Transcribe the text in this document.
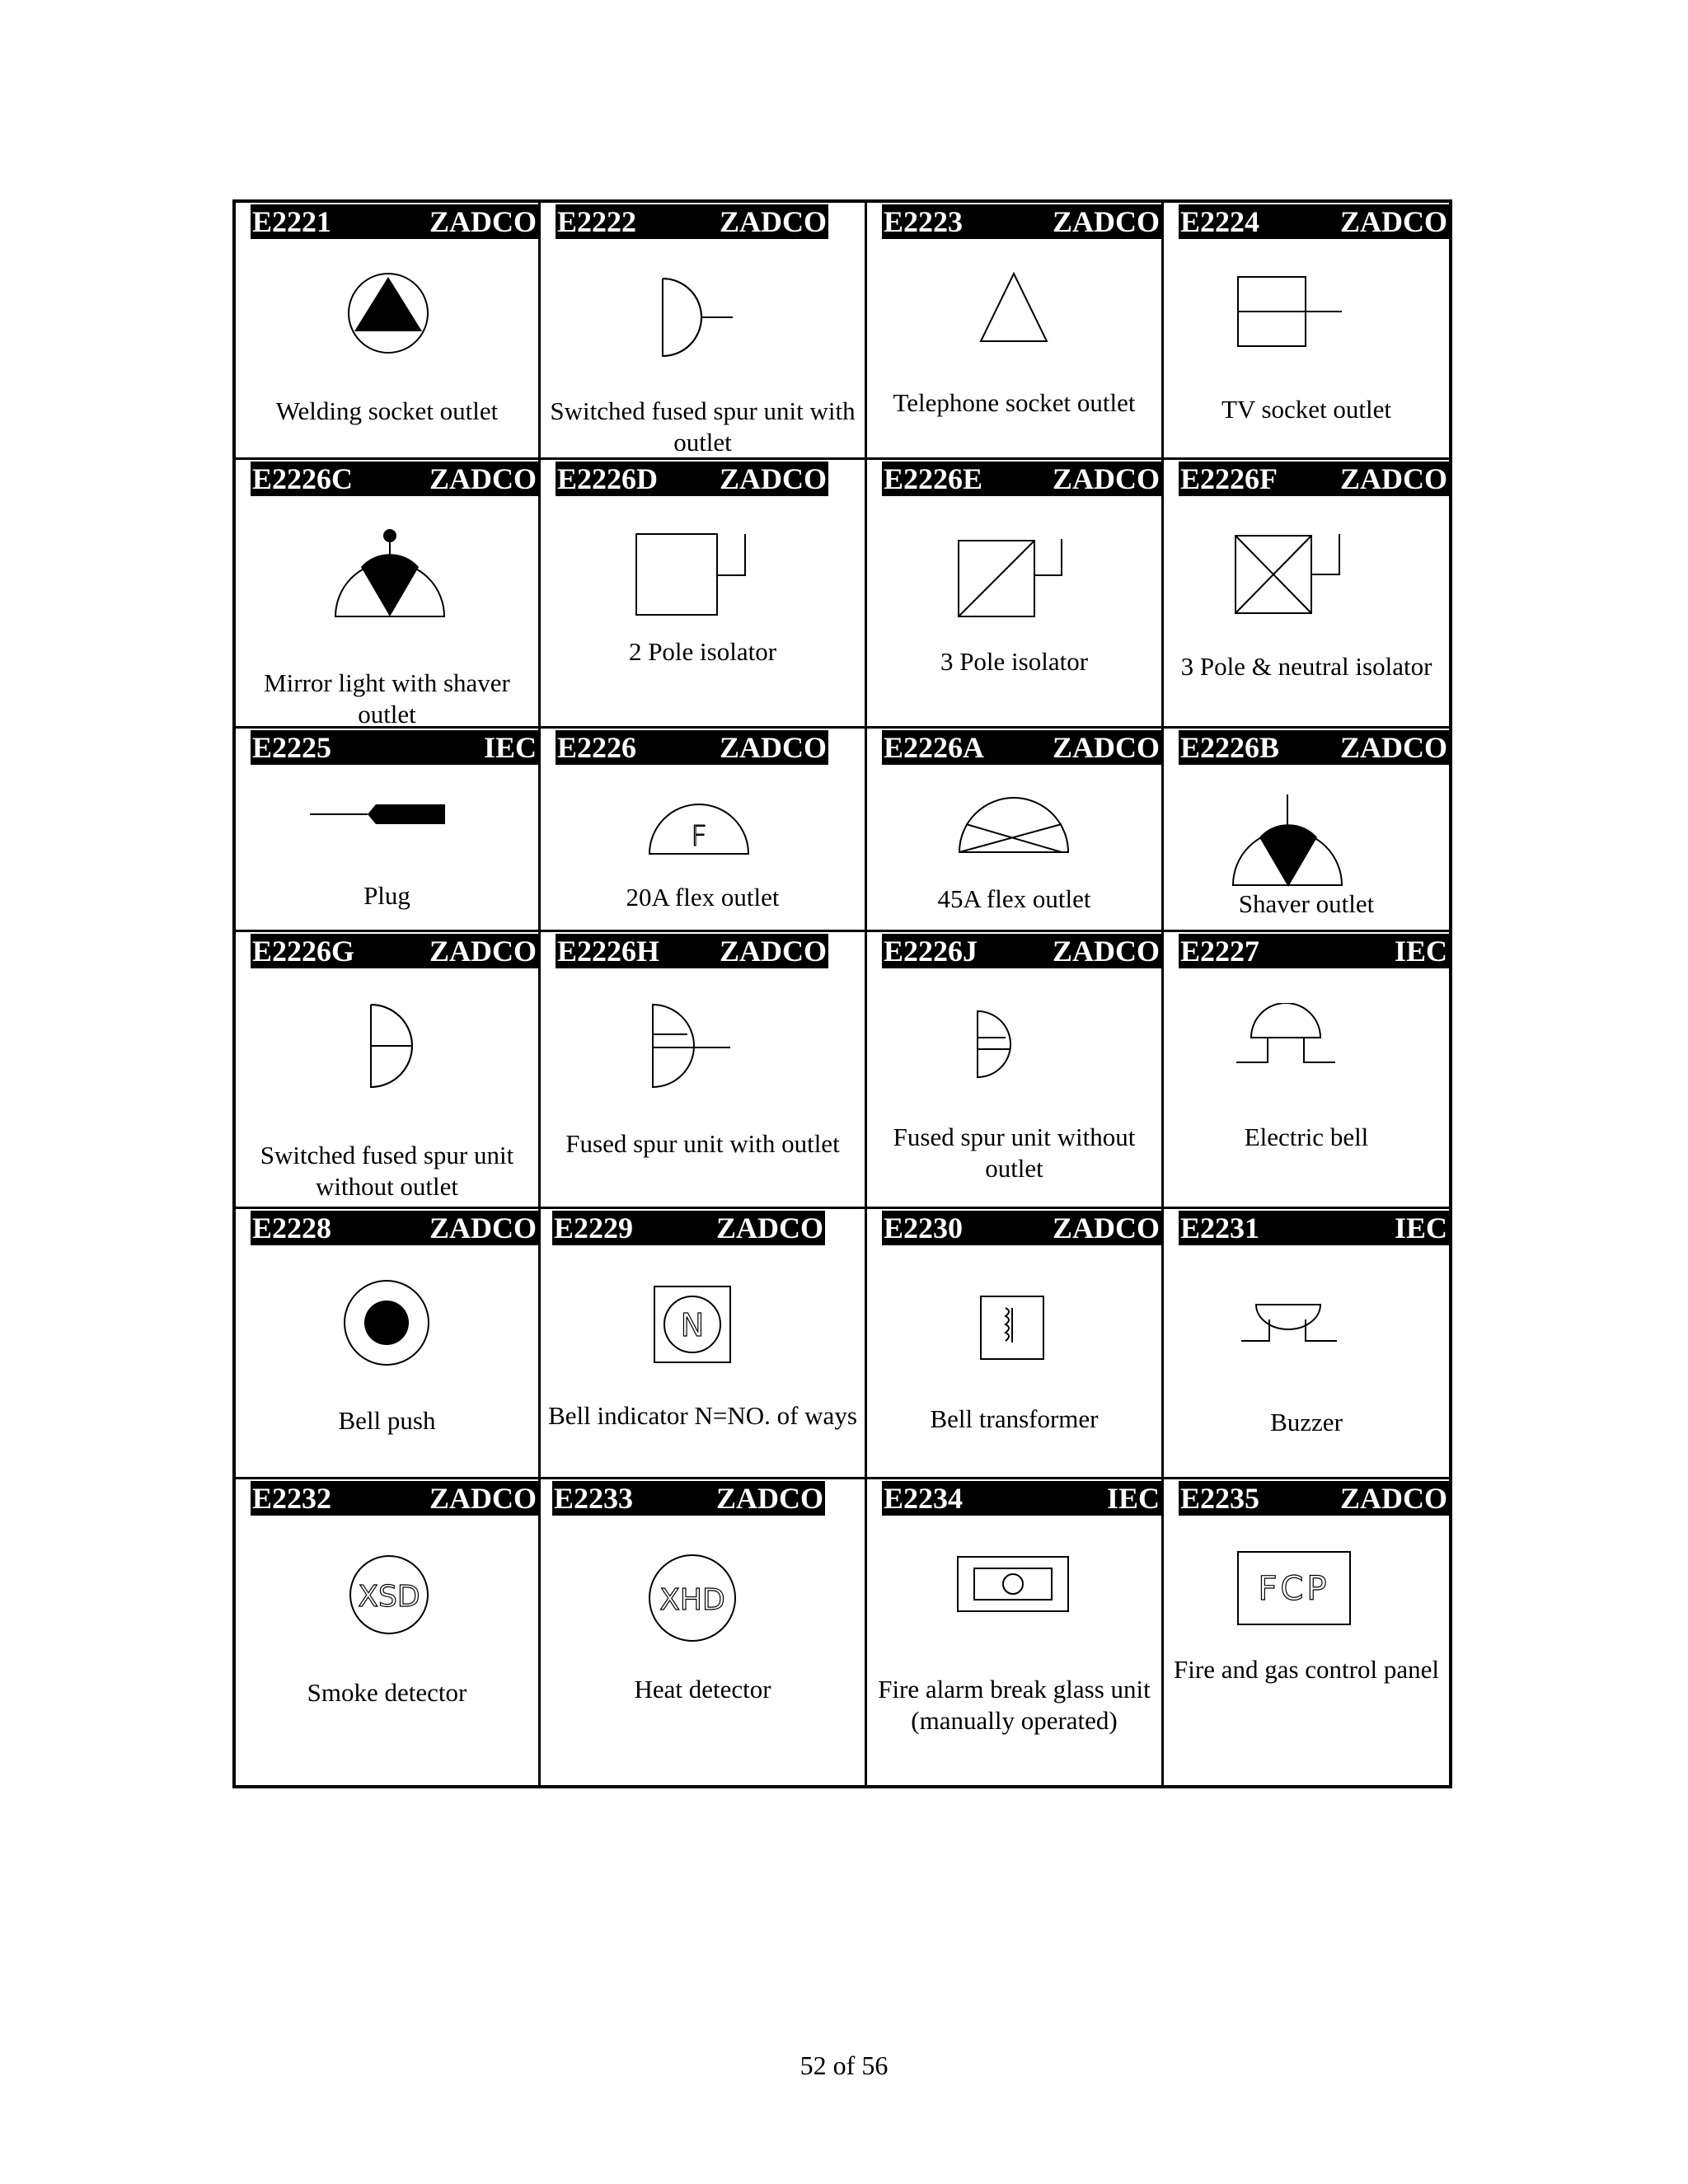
E2221	ZADCO
Welding socket outlet
E2222	ZADCO
Switched fused spur unit with outlet
E2223	ZADCO
Telephone socket outlet
E2224	ZADCO
TV socket outlet
E2226C	ZADCO
Mirror light with shaver outlet
E2226D ZADCO
2 Pole isolator
E2226E ZADCO
3 Pole isolator
E2226F ZADCO
3 Pole & neutral isolator
E2225	IEC
Plug
E2226	ZADCO
F
20A flex outlet
E2226A ZADCO
45A flex outlet
E2226B ZADCO
Shaver outlet
E2226G	ZADCO
Switched fused spur unit without outlet
E2226H ZADCO
Fused spur unit with outlet
E2226J	ZADCO
Fused spur unit without outlet
E2227	IEC
Electric bell
E2228	ZADCO
Bell push
E2229	ZADCO
N
Bell indicator N=NO. of ways
E2230	ZADCO
Bell transformer
E2231	IEC
Buzzer
E2232	ZADCO
XSD
Smoke detector
E2233	ZADCO
XHD
Heat detector
E2234	IEC
Fire alarm break glass unit (manually operated)
E2235	ZADCO
FCP
Fire and gas control panel
52 of 56
